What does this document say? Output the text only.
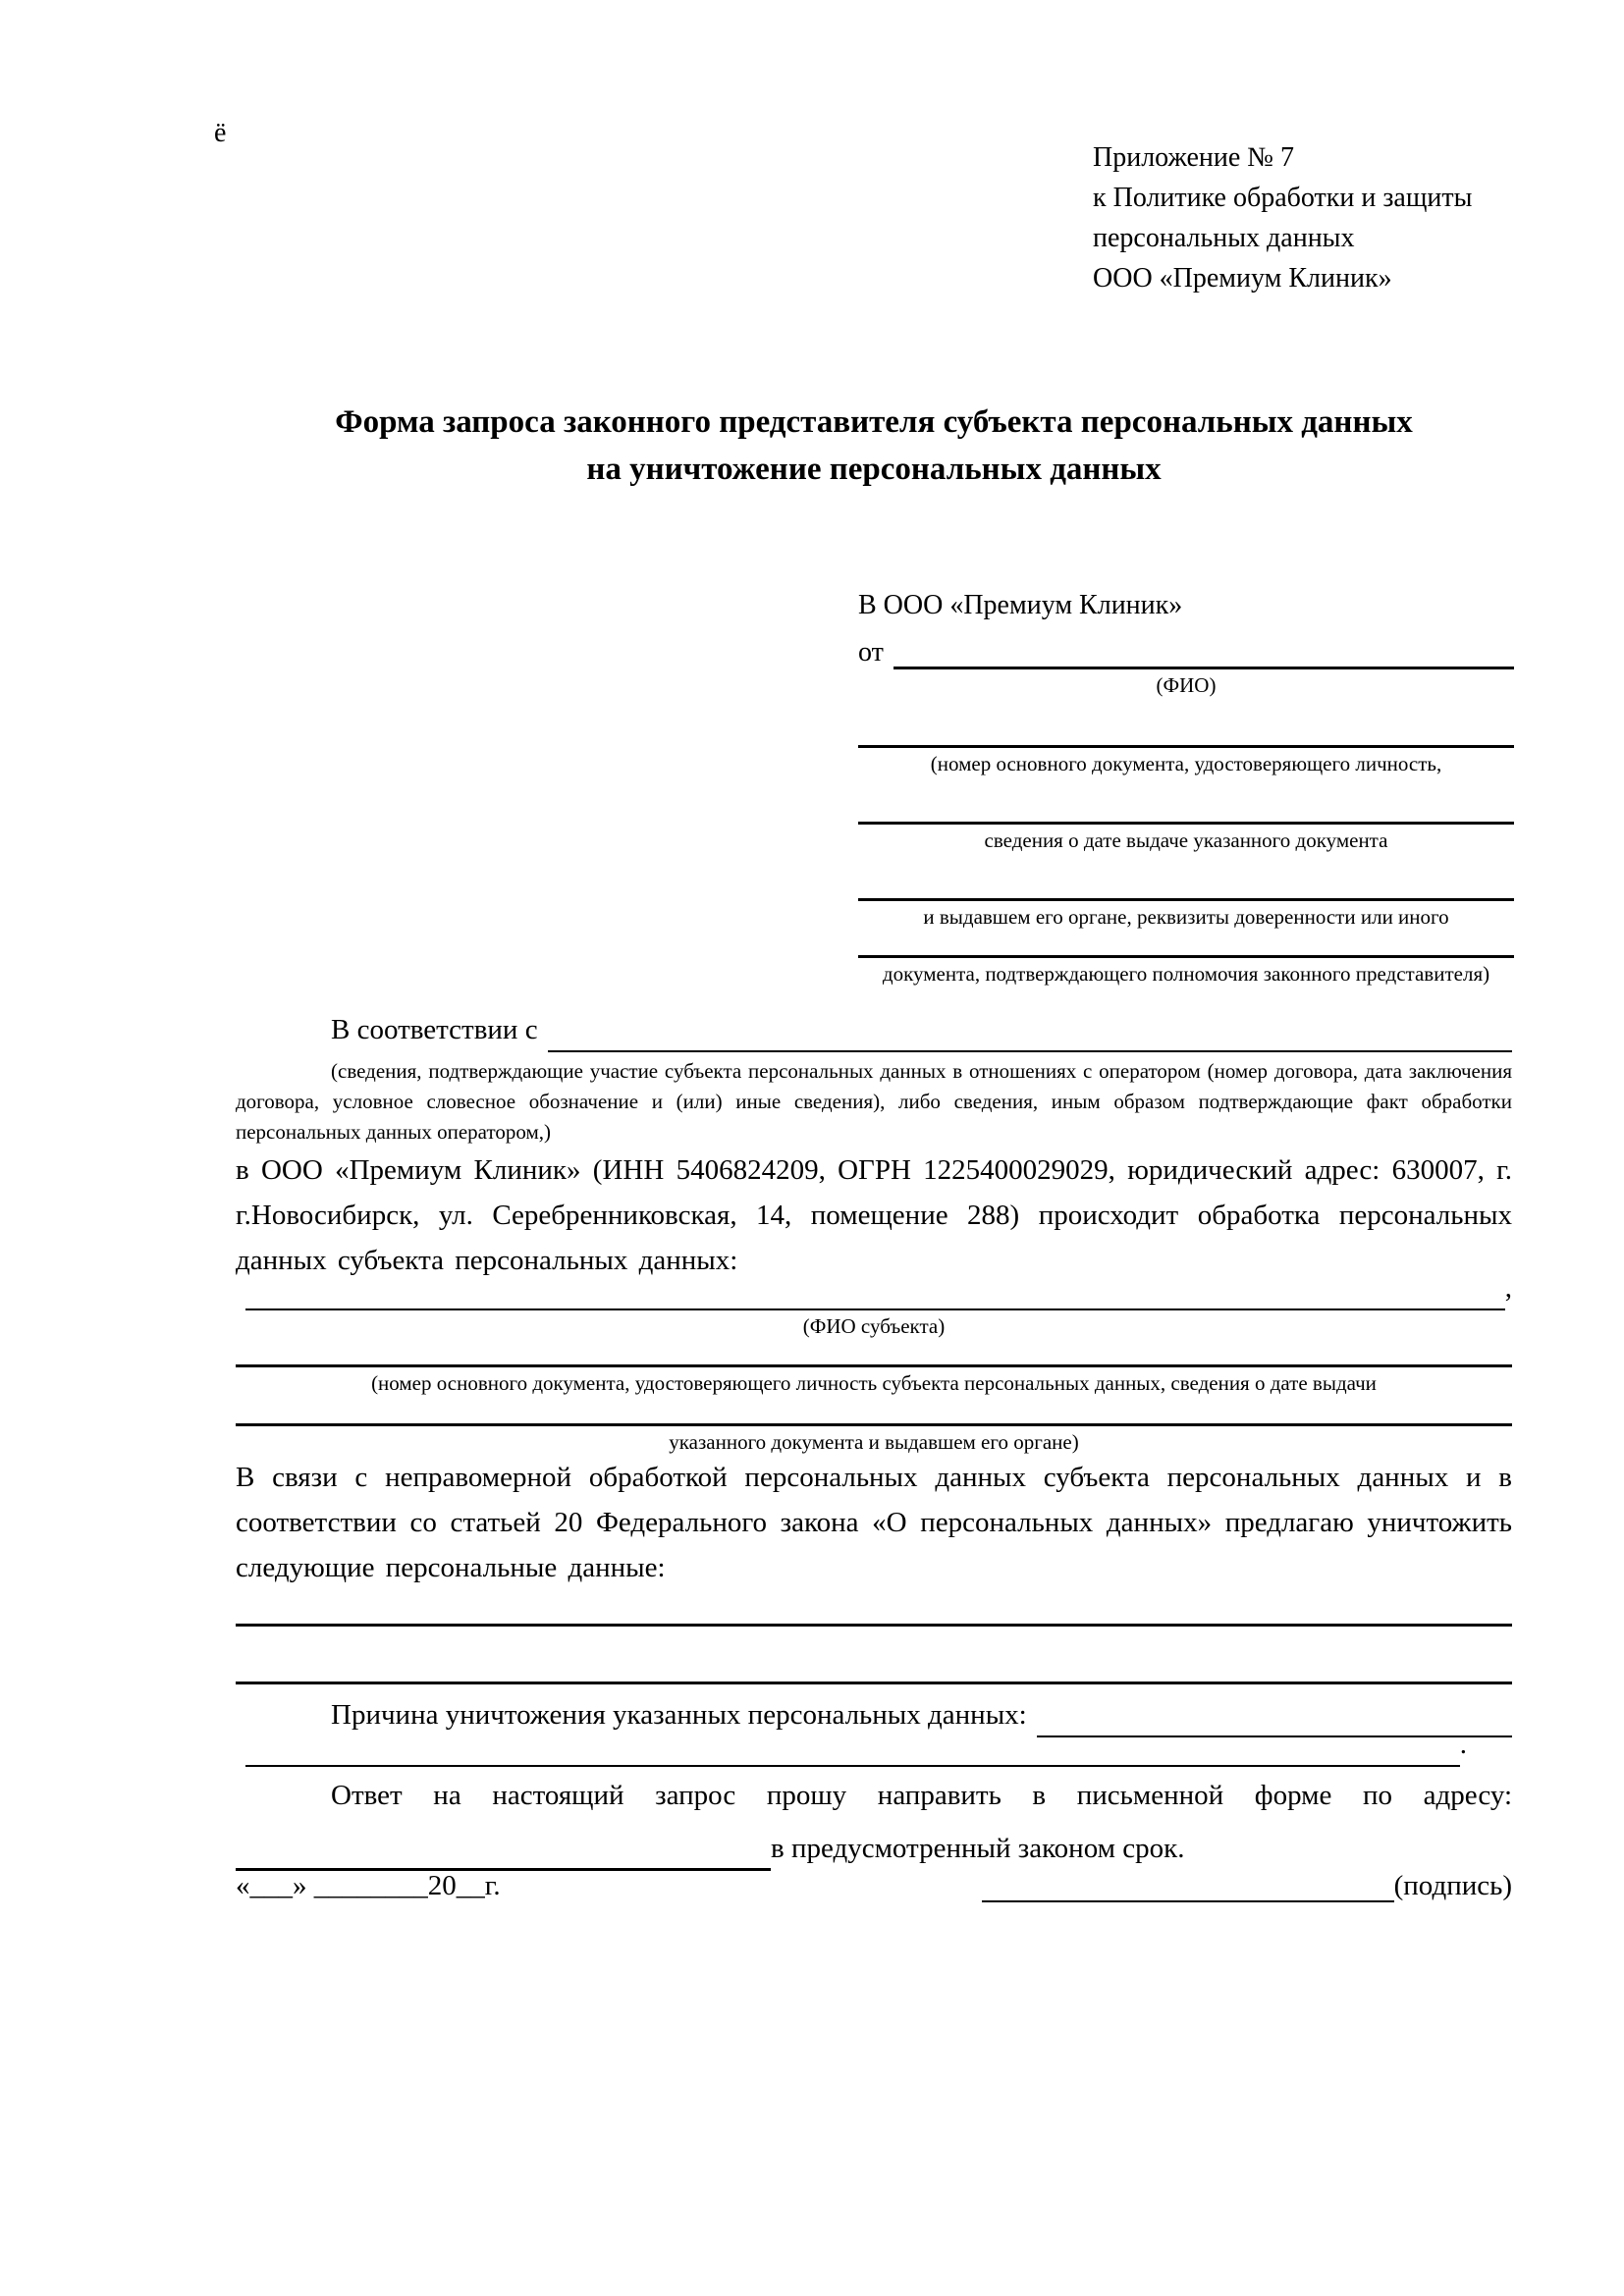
ё
Приложение № 7
к Политике обработки и защиты
персональных данных
ООО «Премиум Клиник»
Форма запроса законного представителя субъекта персональных данных
на уничтожение персональных данных
В ООО «Премиум Клиник»
от
(ФИО)
(номер основного документа, удостоверяющего личность,
сведения о дате выдаче указанного документа
и выдавшем его органе, реквизиты доверенности или иного
документа, подтверждающего полномочия законного представителя)
В соответствии с
(сведения, подтверждающие участие субъекта персональных данных в отношениях с оператором (номер договора, дата заключения договора, условное словесное обозначение и (или) иные сведения), либо сведения, иным образом подтверждающие факт обработки персональных данных оператором,)

в ООО «Премиум Клиник» (ИНН 5406824209, ОГРН 1225400029029, юридический адрес: 630007, г. г.Новосибирск, ул. Серебренниковская, 14, помещение 288) происходит обработка персональных данных субъекта персональных данных:

,
(ФИО субъекта)
(номер основного документа, удостоверяющего личность субъекта персональных данных, сведения о дате выдачи
указанного документа и выдавшем его органе)

В связи с неправомерной обработкой персональных данных субъекта персональных данных и в соответствии со статьей 20 Федерального закона «О персональных данных» предлагаю уничтожить следующие персональные данные:

Причина уничтожения указанных персональных данных:
.
Ответ на настоящий запрос прошу направить в письменной форме по адресу:
в предусмотренный законом срок.
«___» ________20__г.	(подпись)
